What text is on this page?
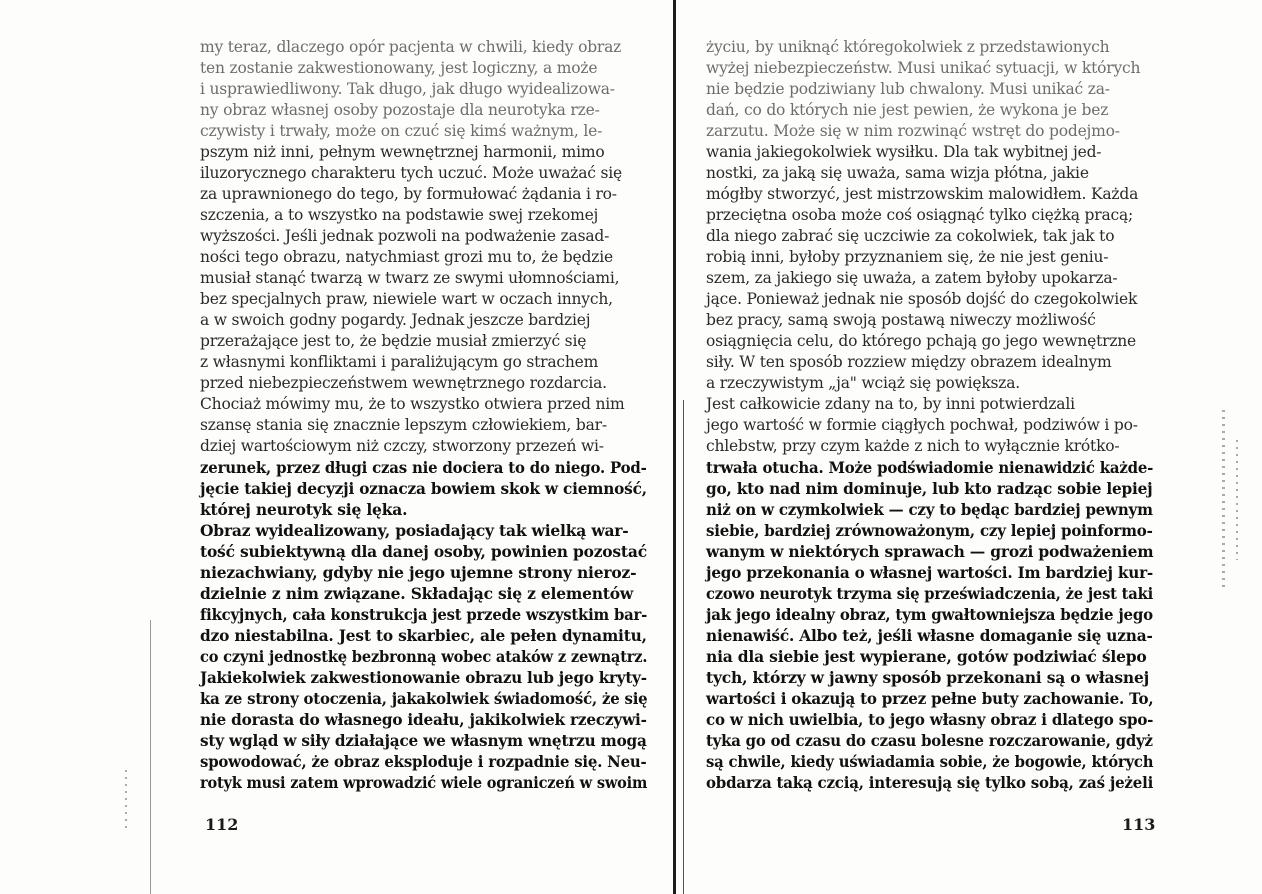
my teraz, dlaczego opór pacjenta w chwili, kiedy obraz
ten zostanie zakwestionowany, jest logiczny, a może
i usprawiedliwony. Tak długo, jak długo wyidealizowa-
ny obraz własnej osoby pozostaje dla neurotyka rze-
czywisty i trwały, może on czuć się kimś ważnym, le-
pszym niż inni, pełnym wewnętrznej harmonii, mimo
iluzorycznego charakteru tych uczuć. Może uważać się
za uprawnionego do tego, by formułować żądania i ro-
szczenia, a to wszystko na podstawie swej rzekomej
wyższości. Jeśli jednak pozwoli na podważenie zasad-
ności tego obrazu, natychmiast grozi mu to, że będzie
musiał stanąć twarzą w twarz ze swymi ułomnościami,
bez specjalnych praw, niewiele wart w oczach innych,
a w swoich godny pogardy. Jednak jeszcze bardziej
przerażające jest to, że będzie musiał zmierzyć się
z własnymi konfliktami i paraliżującym go strachem
przed niebezpieczeństwem wewnętrznego rozdarcia.
Chociaż mówimy mu, że to wszystko otwiera przed nim
szansę stania się znacznie lepszym człowiekiem, bar-
dziej wartościowym niż czczy, stworzony przezeń wi-
zerunek, przez długi czas nie dociera to do niego. Pod-
jęcie takiej decyzji oznacza bowiem skok w ciemność,
której neurotyk się lęka.
Obraz wyidealizowany, posiadający tak wielką war-
tość subiektywną dla danej osoby, powinien pozostać
niezachwiany, gdyby nie jego ujemne strony nieroz-
dzielnie z nim związane. Składając się z elementów
fikcyjnych, cała konstrukcja jest przede wszystkim bar-
dzo niestabilna. Jest to skarbiec, ale pełen dynamitu,
co czyni jednostkę bezbronną wobec ataków z zewnątrz.
Jakiekolwiek zakwestionowanie obrazu lub jego kryty-
ka ze strony otoczenia, jakakolwiek świadomość, że się
nie dorasta do własnego ideału, jakikolwiek rzeczywi-
sty wgląd w siły działające we własnym wnętrzu mogą
spowodować, że obraz eksploduje i rozpadnie się. Neu-
rotyk musi zatem wprowadzić wiele ograniczeń w swoim
112
życiu, by uniknąć któregokolwiek z przedstawionych
wyżej niebezpieczeństw. Musi unikać sytuacji, w których
nie będzie podziwiany lub chwalony. Musi unikać za-
dań, co do których nie jest pewien, że wykona je bez
zarzutu. Może się w nim rozwinąć wstręt do podejmo-
wania jakiegokolwiek wysiłku. Dla tak wybitnej jed-
nostki, za jaką się uważa, sama wizja płótna, jakie
mógłby stworzyć, jest mistrzowskim malowidłem. Każda
przeciętna osoba może coś osiągnąć tylko ciężką pracą;
dla niego zabrać się uczciwie za cokolwiek, tak jak to
robią inni, byłoby przyznaniem się, że nie jest geniu-
szem, za jakiego się uważa, a zatem byłoby upokarza-
jące. Ponieważ jednak nie sposób dojść do czegokolwiek
bez pracy, samą swoją postawą niweczy możliwość
osiągnięcia celu, do którego pchają go jego wewnętrzne
siły. W ten sposób rozziew między obrazem idealnym
a rzeczywistym „ja" wciąż się powiększa.
Jest całkowicie zdany na to, by inni potwierdzali
jego wartość w formie ciągłych pochwał, podziwów i po-
chlebstw, przy czym każde z nich to wyłącznie krótko-
trwała otucha. Może podświadomie nienawidzić każde-
go, kto nad nim dominuje, lub kto radząc sobie lepiej
niż on w czymkolwiek — czy to będąc bardziej pewnym
siebie, bardziej zrównoważonym, czy lepiej poinformo-
wanym w niektórych sprawach — grozi podważeniem
jego przekonania o własnej wartości. Im bardziej kur-
czowo neurotyk trzyma się przeświadczenia, że jest taki
jak jego idealny obraz, tym gwałtowniejsza będzie jego
nienawiść. Albo też, jeśli własne domaganie się uzna-
nia dla siebie jest wypierane, gotów podziwiać ślepo
tych, którzy w jawny sposób przekonani są o własnej
wartości i okazują to przez pełne buty zachowanie. To,
co w nich uwielbia, to jego własny obraz i dlatego spo-
tyka go od czasu do czasu bolesne rozczarowanie, gdyż
są chwile, kiedy uświadamia sobie, że bogowie, których
obdarza taką czcią, interesują się tylko sobą, zaś jeżeli
113
